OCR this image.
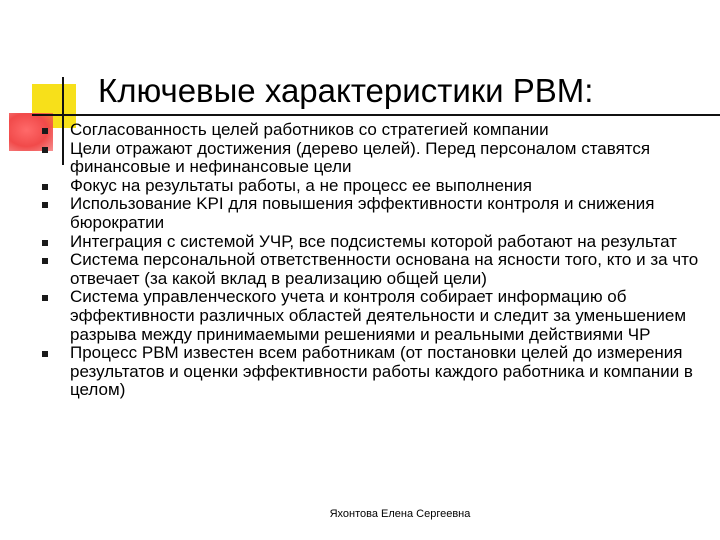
Ключевые характеристики РВМ:
Согласованность целей работников со стратегией компании
Цели отражают достижения (дерево целей). Перед персоналом ставятся финансовые и нефинансовые цели
Фокус на результаты работы, а не процесс ее выполнения
Использование KPI для повышения эффективности контроля и снижения бюрократии
Интеграция с системой УЧР, все подсистемы которой работают на результат
Система персональной ответственности основана на ясности того, кто и за что отвечает (за какой вклад в реализацию общей цели)
Система управленческого учета и контроля собирает информацию об эффективности различных областей деятельности и следит за уменьшением разрыва между принимаемыми решениями и реальными действиями ЧР
Процесс РВМ известен всем работникам (от постановки целей до измерения результатов и оценки эффективности работы каждого работника и компании в целом)
Яхонтова Елена Сергеевна
